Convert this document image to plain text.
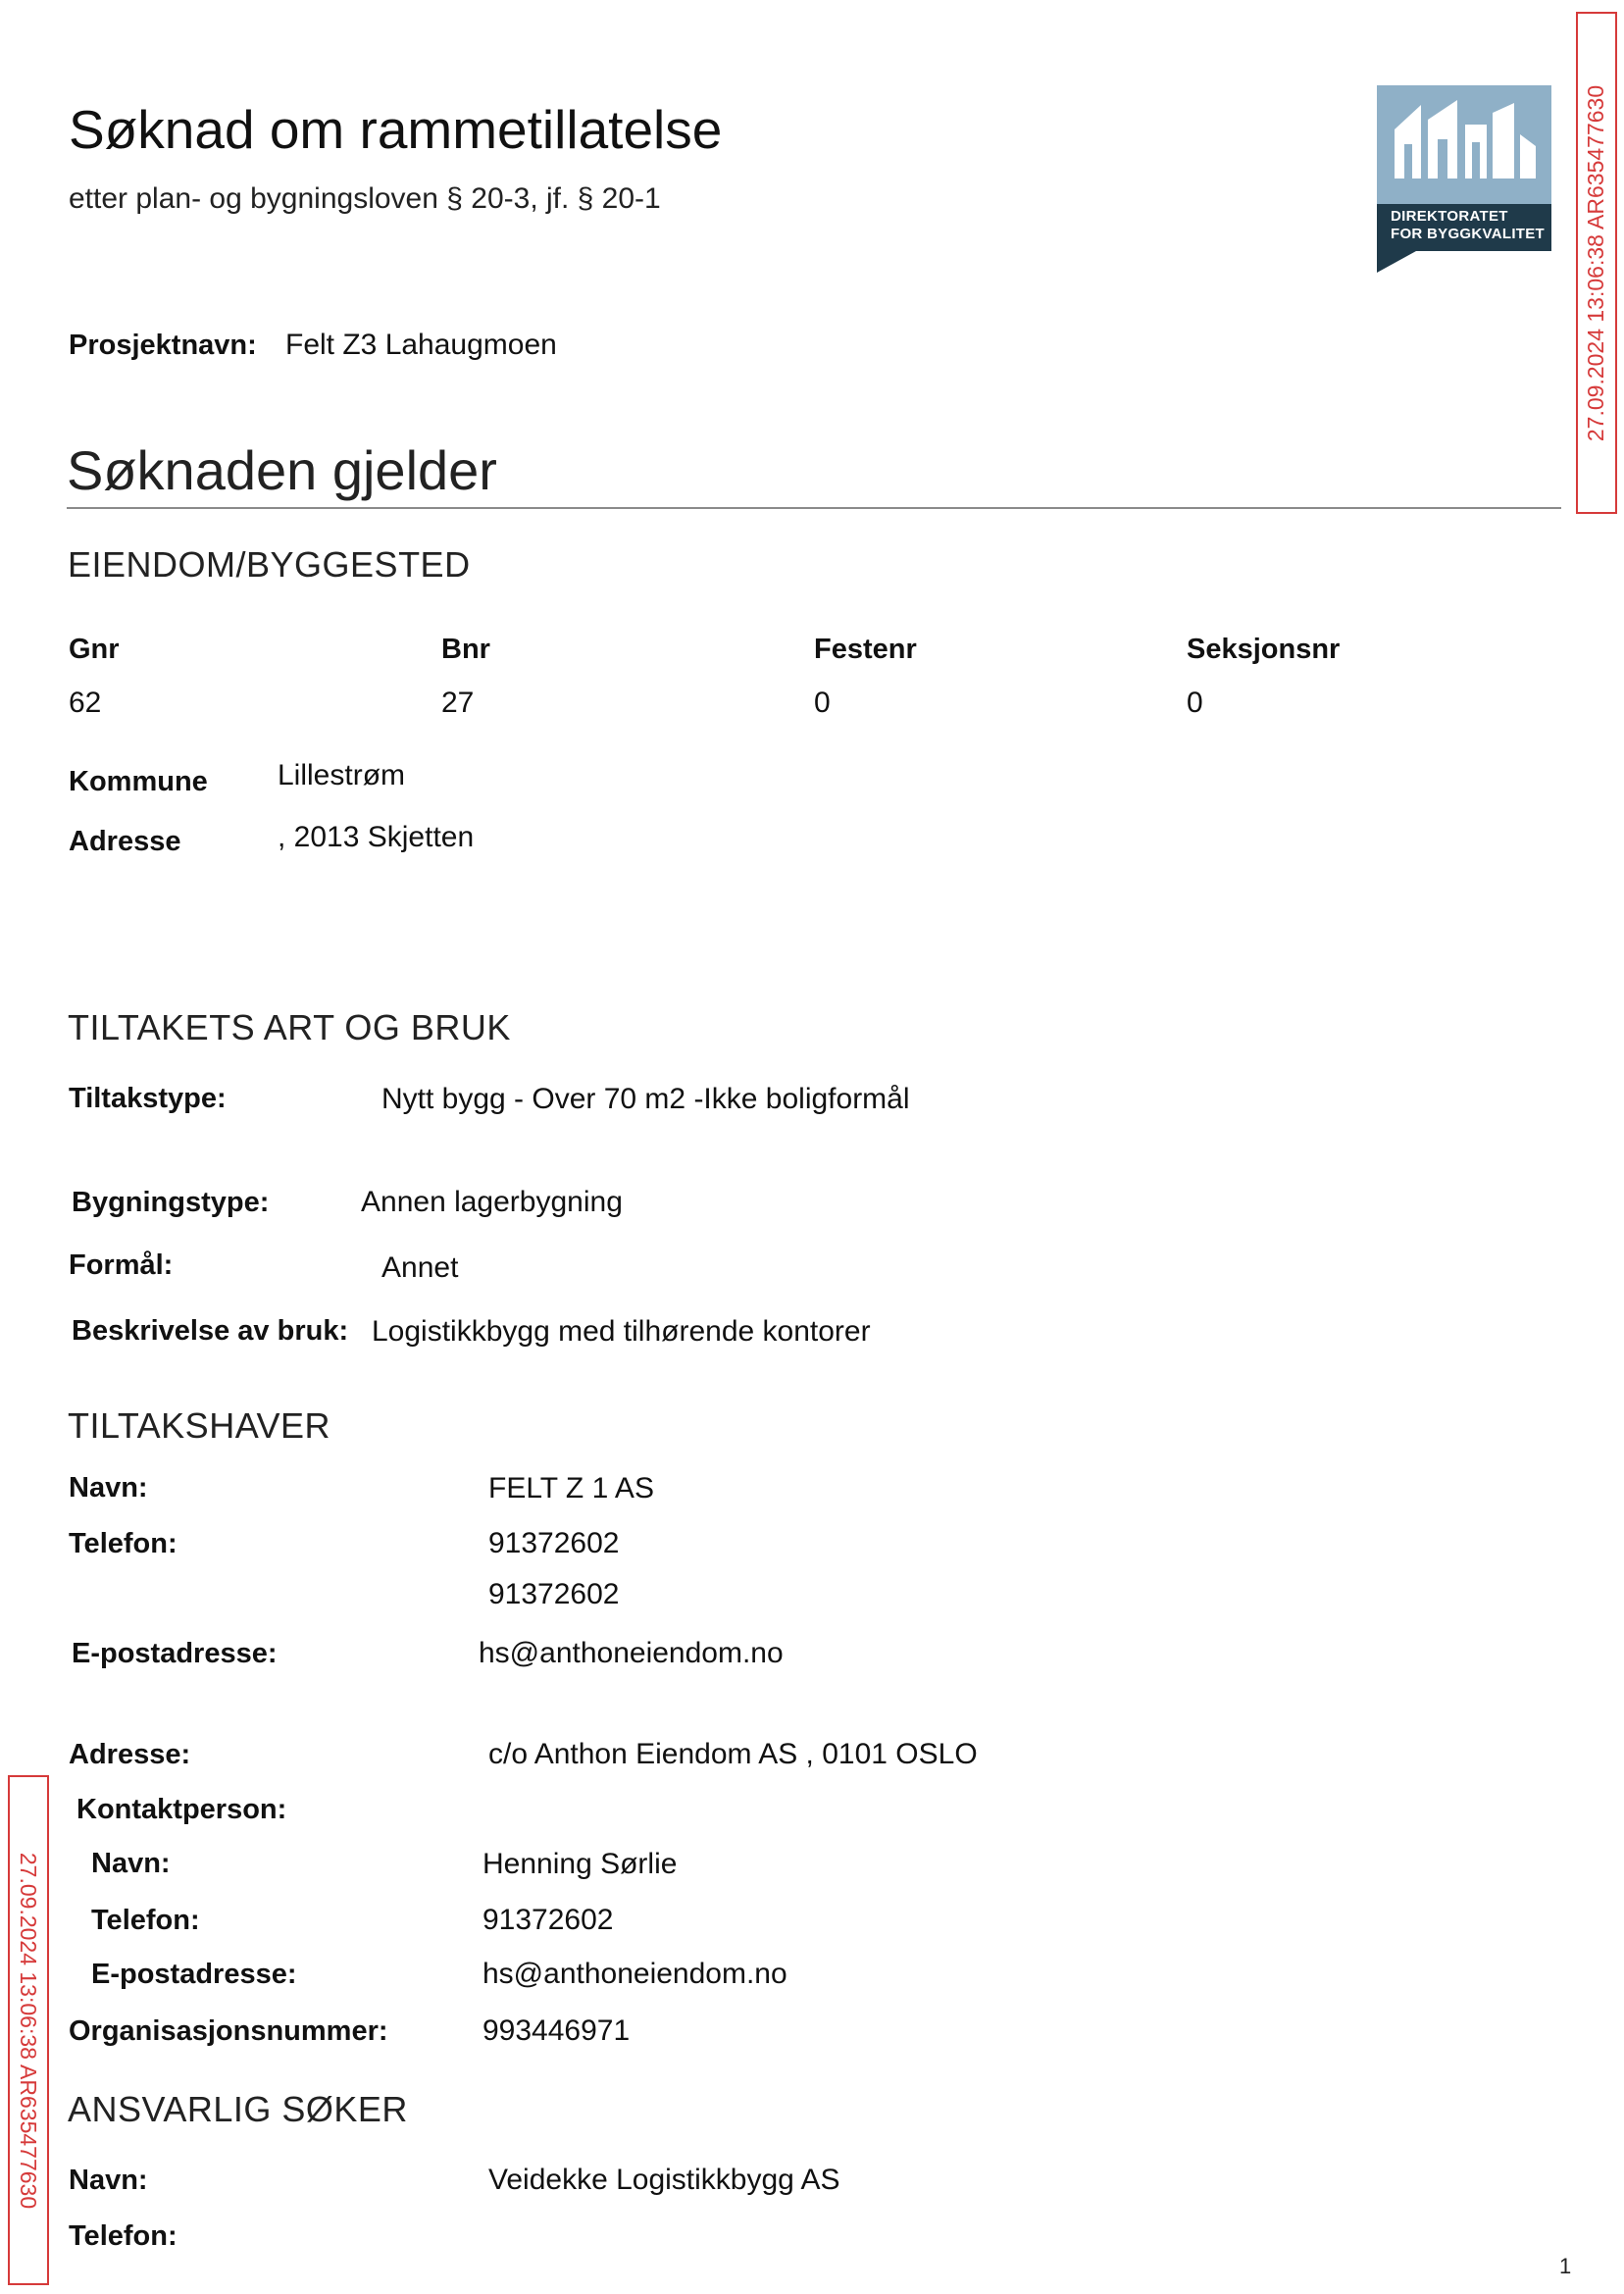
Søknad om rammetillatelse
etter plan- og bygningsloven § 20-3, jf. § 20-1
DIREKTORATET
FOR BYGGKVALITET 27.09.2024 13:06:38 AR635477630
27.09.2024 13:06:38 AR635477630
Prosjektnavn: Felt Z3 Lahaugmoen
Søknaden gjelder
EIENDOM/BYGGESTED
Gnr	Bnr	Festenr	Seksjonsnr
62	27	0	0
Kommune Lillestrøm
Adresse	, 2013 Skjetten
TILTAKETS ART OG BRUK
Tiltakstype:	Nytt bygg - Over 70 m2 -Ikke boligformål
Bygningstype:	Annen lagerbygning
Formål:	Annet
Beskrivelse av bruk: Logistikkbygg med tilhørende kontorer
TILTAKSHAVER
Navn:	FELT Z 1 AS
Telefon:	91372602
91372602
E-postadresse:	hs@anthoneiendom.no
Adresse:	c/o Anthon Eiendom AS , 0101 OSLO
Kontaktperson:
Navn:	Henning Sørlie
Telefon:	91372602
E-postadresse:	hs@anthoneiendom.no
Organisasjonsnummer:	993446971
ANSVARLIG SØKER
Navn:	Veidekke Logistikkbygg AS
Telefon:
1
